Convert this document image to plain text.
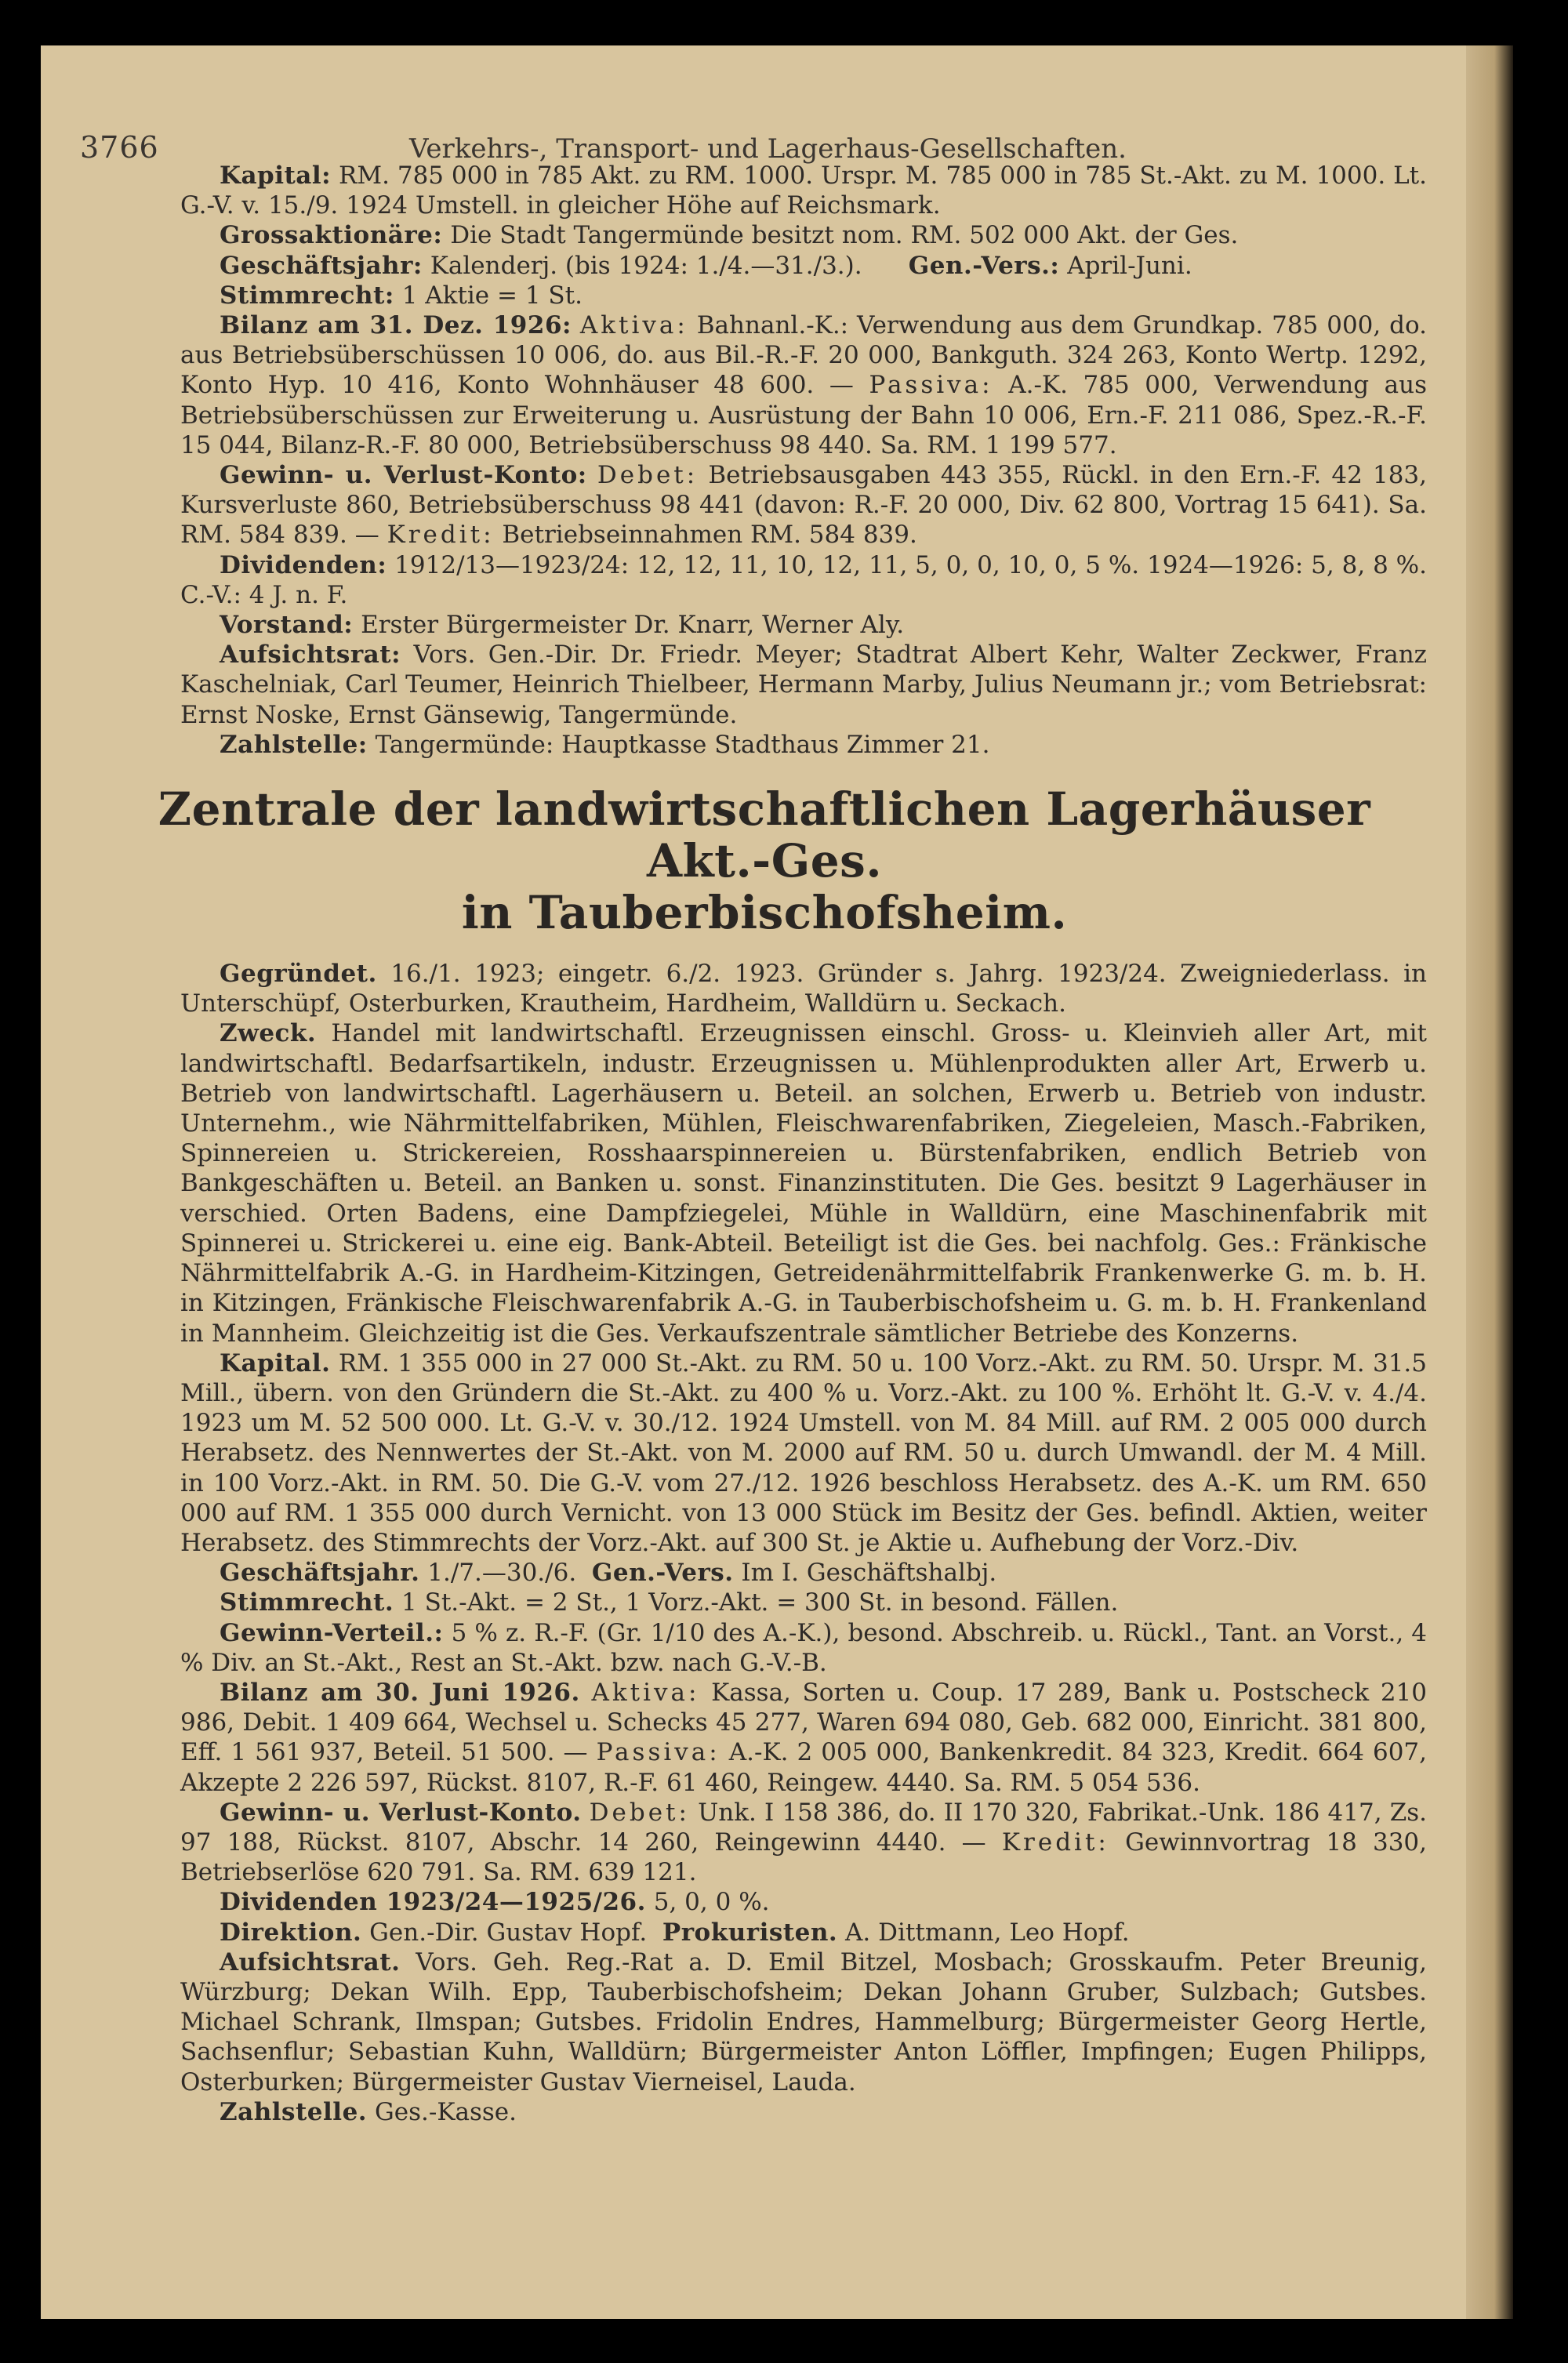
3766	Verkehrs-, Transport- und Lagerhaus-Gesellschaften.

Kapital: RM. 785 000 in 785 Akt. zu RM. 1000. Urspr. M. 785 000 in 785 St.-Akt. zu M. 1000. Lt. G.-V. v. 15./9. 1924 Umstell. in gleicher Höhe auf Reichsmark.

Grossaktionäre: Die Stadt Tangermünde besitzt nom. RM. 502 000 Akt. der Ges.

Geschäftsjahr: Kalenderj. (bis 1924: 1./4.—31./3.). Gen.-Vers.: April-Juni.

Stimmrecht: 1 Aktie = 1 St.

Bilanz am 31. Dez. 1926: Aktiva: Bahnanl.-K.: Verwendung aus dem Grundkap. 785 000, do. aus Betriebsüberschüssen 10 006, do. aus Bil.-R.-F. 20 000, Bankguth. 324 263, Konto Wertp. 1292, Konto Hyp. 10 416, Konto Wohnhäuser 48 600. — Passiva: A.-K. 785 000, Verwendung aus Betriebsüberschüssen zur Erweiterung u. Ausrüstung der Bahn 10 006, Ern.-F. 211 086, Spez.-R.-F. 15 044, Bilanz-R.-F. 80 000, Betriebsüberschuss 98 440. Sa. RM. 1 199 577.

Gewinn- u. Verlust-Konto: Debet: Betriebsausgaben 443 355, Rückl. in den Ern.-F. 42 183, Kursverluste 860, Betriebsüberschuss 98 441 (davon: R.-F. 20 000, Div. 62 800, Vortrag 15 641). Sa. RM. 584 839. — Kredit: Betriebseinnahmen RM. 584 839.

Dividenden: 1912/13—1923/24: 12, 12, 11, 10, 12, 11, 5, 0, 0, 10, 0, 5 %. 1924—1926: 5, 8, 8 %. C.-V.: 4 J. n. F.

Vorstand: Erster Bürgermeister Dr. Knarr, Werner Aly.

Aufsichtsrat: Vors. Gen.-Dir. Dr. Friedr. Meyer; Stadtrat Albert Kehr, Walter Zeckwer, Franz Kaschelniak, Carl Teumer, Heinrich Thielbeer, Hermann Marby, Julius Neumann jr.; vom Betriebsrat: Ernst Noske, Ernst Gänsewig, Tangermünde.

Zahlstelle: Tangermünde: Hauptkasse Stadthaus Zimmer 21.

Zentrale der landwirtschaftlichen Lagerhäuser Akt.-Ges.
in Tauberbischofsheim.

Gegründet. 16./1. 1923; eingetr. 6./2. 1923. Gründer s. Jahrg. 1923/24. Zweigniederlass. in Unterschüpf, Osterburken, Krautheim, Hardheim, Walldürn u. Seckach.

Zweck. Handel mit landwirtschaftl. Erzeugnissen einschl. Gross- u. Kleinvieh aller Art, mit landwirtschaftl. Bedarfsartikeln, industr. Erzeugnissen u. Mühlenprodukten aller Art, Erwerb u. Betrieb von landwirtschaftl. Lagerhäusern u. Beteil. an solchen, Erwerb u. Betrieb von industr. Unternehm., wie Nährmittelfabriken, Mühlen, Fleischwarenfabriken, Ziegeleien, Masch.-Fabriken, Spinnereien u. Strickereien, Rosshaarspinnereien u. Bürstenfabriken, endlich Betrieb von Bankgeschäften u. Beteil. an Banken u. sonst. Finanzinstituten. Die Ges. besitzt 9 Lagerhäuser in verschied. Orten Badens, eine Dampfziegelei, Mühle in Walldürn, eine Maschinenfabrik mit Spinnerei u. Strickerei u. eine eig. Bank-Abteil. Beteiligt ist die Ges. bei nachfolg. Ges.: Fränkische Nährmittelfabrik A.-G. in Hardheim-Kitzingen, Getreidenährmittelfabrik Frankenwerke G. m. b. H. in Kitzingen, Fränkische Fleischwarenfabrik A.-G. in Tauberbischofsheim u. G. m. b. H. Frankenland in Mannheim. Gleichzeitig ist die Ges. Verkaufszentrale sämtlicher Betriebe des Konzerns.

Kapital. RM. 1 355 000 in 27 000 St.-Akt. zu RM. 50 u. 100 Vorz.-Akt. zu RM. 50. Urspr. M. 31.5 Mill., übern. von den Gründern die St.-Akt. zu 400 % u. Vorz.-Akt. zu 100 %. Erhöht lt. G.-V. v. 4./4. 1923 um M. 52 500 000. Lt. G.-V. v. 30./12. 1924 Umstell. von M. 84 Mill. auf RM. 2 005 000 durch Herabsetz. des Nennwertes der St.-Akt. von M. 2000 auf RM. 50 u. durch Umwandl. der M. 4 Mill. in 100 Vorz.-Akt. in RM. 50. Die G.-V. vom 27./12. 1926 beschloss Herabsetz. des A.-K. um RM. 650 000 auf RM. 1 355 000 durch Vernicht. von 13 000 Stück im Besitz der Ges. befindl. Aktien, weiter Herabsetz. des Stimmrechts der Vorz.-Akt. auf 300 St. je Aktie u. Aufhebung der Vorz.-Div.

Geschäftsjahr. 1./7.—30./6. Gen.-Vers. Im I. Geschäftshalbj.

Stimmrecht. 1 St.-Akt. = 2 St., 1 Vorz.-Akt. = 300 St. in besond. Fällen.

Gewinn-Verteil.: 5 % z. R.-F. (Gr. 1/10 des A.-K.), besond. Abschreib. u. Rückl., Tant. an Vorst., 4 % Div. an St.-Akt., Rest an St.-Akt. bzw. nach G.-V.-B.

Bilanz am 30. Juni 1926. Aktiva: Kassa, Sorten u. Coup. 17 289, Bank u. Postscheck 210 986, Debit. 1 409 664, Wechsel u. Schecks 45 277, Waren 694 080, Geb. 682 000, Einricht. 381 800, Eff. 1 561 937, Beteil. 51 500. — Passiva: A.-K. 2 005 000, Bankenkredit. 84 323, Kredit. 664 607, Akzepte 2 226 597, Rückst. 8107, R.-F. 61 460, Reingew. 4440. Sa. RM. 5 054 536.

Gewinn- u. Verlust-Konto. Debet: Unk. I 158 386, do. II 170 320, Fabrikat.-Unk. 186 417, Zs. 97 188, Rückst. 8107, Abschr. 14 260, Reingewinn 4440. — Kredit: Gewinnvortrag 18 330, Betriebserlöse 620 791. Sa. RM. 639 121.

Dividenden 1923/24—1925/26. 5, 0, 0 %.

Direktion. Gen.-Dir. Gustav Hopf. Prokuristen. A. Dittmann, Leo Hopf.

Aufsichtsrat. Vors. Geh. Reg.-Rat a. D. Emil Bitzel, Mosbach; Grosskaufm. Peter Breunig, Würzburg; Dekan Wilh. Epp, Tauberbischofsheim; Dekan Johann Gruber, Sulzbach; Gutsbes. Michael Schrank, Ilmspan; Gutsbes. Fridolin Endres, Hammelburg; Bürgermeister Georg Hertle, Sachsenflur; Sebastian Kuhn, Walldürn; Bürgermeister Anton Löffler, Impfingen; Eugen Philipps, Osterburken; Bürgermeister Gustav Vierneisel, Lauda.

Zahlstelle. Ges.-Kasse.
